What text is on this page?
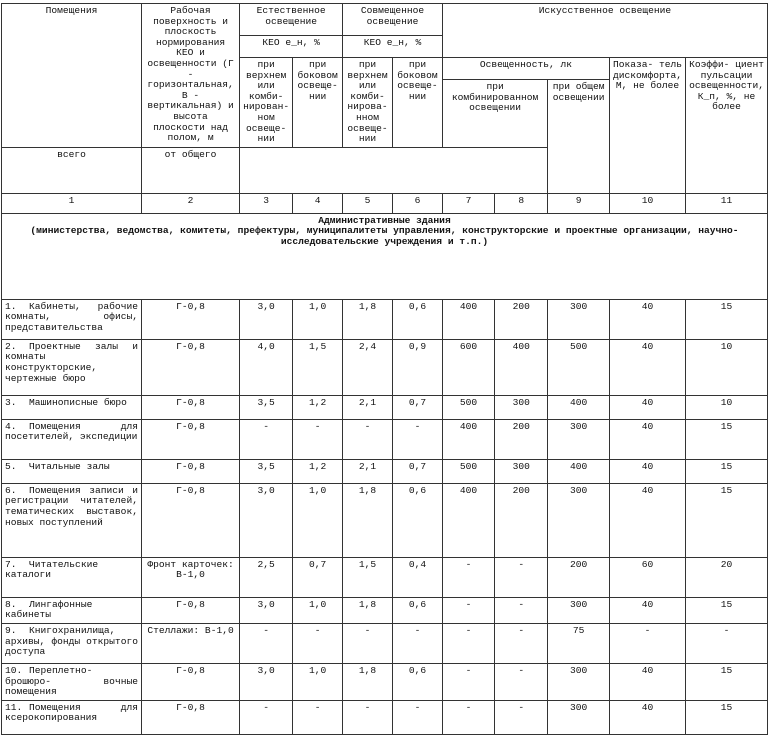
Помещения	Рабочая поверхность и плоскость нормирования КЕО и освещенности (Г - горизонтальная, В - вертикальная) и высота плоскости над полом, м	Естественное освещение		Совмещенное освещение		Искусственное освещение				
		КЕО е_н, %		КЕО е_н, %						
		при верхнем или комби- нирован- ном освеще- нии	при боковом освеще- нии	при верхнем или комби- нирова- нном освеще- нии	при боковом освеще- нии	Освещенность, лк			Показа- тель дискомфорта, М, не более	Коэффи- циент пульсации освещенности, К_п, %, не более
						при комбинированном освещении		при общем освещении		
всего	от общего									
1	2	3	4	5	6	7	8	9	10	11

Административные здания
(министерства, ведомства, комитеты, префектуры, муниципалитеты управления, конструкторские и проектные организации, научно-исследовательские учреждения и т.п.)										

1. Кабинеты, рабочие комнаты, офисы, представительства	Г-0,8	3,0	1,0	1,8	0,6	400	200	300	40	15
2. Проектные залы и комнаты конструкторские, чертежные бюро	Г-0,8	4,0	1,5	2,4	0,9	600	400	500	40	10
3. Машинописные бюро	Г-0,8	3,5	1,2	2,1	0,7	500	300	400	40	10
4. Помещения для посетителей, экспедиции	Г-0,8	-	-	-	-	400	200	300	40	15
5. Читальные залы	Г-0,8	3,5	1,2	2,1	0,7	500	300	400	40	15
6. Помещения записи и регистрации читателей, тематических выставок, новых поступлений	Г-0,8	3,0	1,0	1,8	0,6	400	200	300	40	15
7. Читательские каталоги	Фронт карточек: В-1,0	2,5	0,7	1,5	0,4	-	-	200	60	20
8. Лингафонные кабинеты	Г-0,8	3,0	1,0	1,8	0,6	-	-	300	40	15
9. Книгохранилища, архивы, фонды открытого доступа	Стеллажи: В-1,0	-	-	-	-	-	-	75	-	-
10. Переплетно-брошюро- вочные помещения	Г-0,8	3,0	1,0	1,8	0,6	-	-	300	40	15
11. Помещения для ксерокопирования	Г-0,8	-	-	-	-	-	-	300	40	15
